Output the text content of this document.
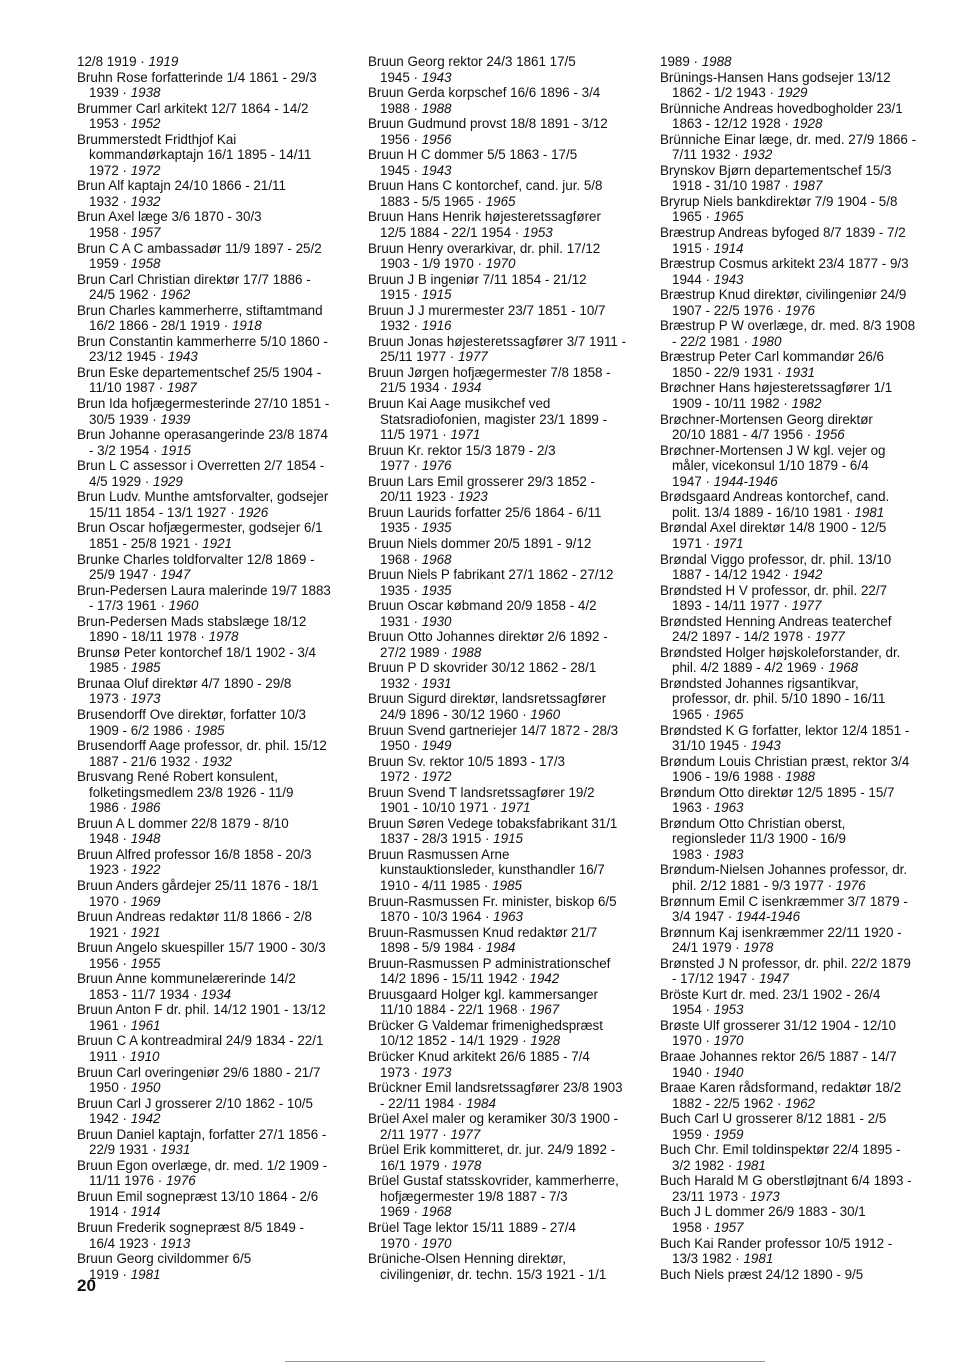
12/8 1919 · 1919
Bruhn Rose forfatterinde 1/4 1861 - 29/3
1939 · 1938
Brummer Carl arkitekt 12/7 1864 - 14/2
1953 · 1952
Brummerstedt Fridthjof Kai
kommandørkaptajn 16/1 1895 - 14/11
1972 · 1972
Brun Alf kaptajn 24/10 1866 - 21/11
1932 · 1932
Brun Axel læge 3/6 1870 - 30/3
1958 · 1957
Brun C A C ambassadør 11/9 1897 - 25/2
1959 · 1958
Brun Carl Christian direktør 17/7 1886 -
24/5 1962 · 1962
Brun Charles kammerherre, stiftamtmand
16/2 1866 - 28/1 1919 · 1918
Brun Constantin kammerherre 5/10 1860 -
23/12 1945 · 1943
Brun Eske departementschef 25/5 1904 -
11/10 1987 · 1987
Brun Ida hofjægermesterinde 27/10 1851 -
30/5 1939 · 1939
Brun Johanne operasangerinde 23/8 1874
- 3/2 1954 · 1915
Brun L C assessor i Overretten 2/7 1854 -
4/5 1929 · 1929
Brun Ludv. Munthe amtsforvalter, godsejer
15/11 1854 - 13/1 1927 · 1926
Brun Oscar hofjægermester, godsejer 6/1
1851 - 25/8 1921 · 1921
Brunke Charles toldforvalter 12/8 1869 -
25/9 1947 · 1947
Brun-Pedersen Laura malerinde 19/7 1883
- 17/3 1961 · 1960
Brun-Pedersen Mads stabslæge 18/12
1890 - 18/11 1978 · 1978
Brunsø Peter kontorchef 18/1 1902 - 3/4
1985 · 1985
Brunaa Oluf direktør 4/7 1890 - 29/8
1973 · 1973
Brusendorff Ove direktør, forfatter 10/3
1909 - 6/2 1986 · 1985
Brusendorff Aage professor, dr. phil. 15/12
1887 - 21/6 1932 · 1932
Brusvang René Robert konsulent,
folketingsmedlem 23/8 1926 - 11/9
1986 · 1986
Bruun A L dommer 22/8 1879 - 8/10
1948 · 1948
Bruun Alfred professor 16/8 1858 - 20/3
1923 · 1922
Bruun Anders gårdejer 25/11 1876 - 18/1
1970 · 1969
Bruun Andreas redaktør 11/8 1866 - 2/8
1921 · 1921
Bruun Angelo skuespiller 15/7 1900 - 30/3
1956 · 1955
Bruun Anne kommunelærerinde 14/2
1853 - 11/7 1934 · 1934
Bruun Anton F dr. phil. 14/12 1901 - 13/12
1961 · 1961
Bruun C A kontreadmiral 24/9 1834 - 22/1
1911 · 1910
Bruun Carl overingeniør 29/6 1880 - 21/7
1950 · 1950
Bruun Carl J grosserer 2/10 1862 - 10/5
1942 · 1942
Bruun Daniel kaptajn, forfatter 27/1 1856 -
22/9 1931 · 1931
Bruun Egon overlæge, dr. med. 1/2 1909 -
11/11 1976 · 1976
Bruun Emil sognepræst 13/10 1864 - 2/6
1914 · 1914
Bruun Frederik sognepræst 8/5 1849 -
16/4 1923 · 1913
Bruun Georg civildommer 6/5
1919 · 1981
Bruun Georg rektor 24/3 1861 17/5
1945 · 1943
Bruun Gerda korpschef 16/6 1896 - 3/4
1988 · 1988
Bruun Gudmund provst 18/8 1891 - 3/12
1956 · 1956
Bruun H C dommer 5/5 1863 - 17/5
1945 · 1943
Bruun Hans C kontorchef, cand. jur. 5/8
1883 - 5/5 1965 · 1965
Bruun Hans Henrik højesteretssagfører
12/5 1884 - 22/1 1954 · 1953
Bruun Henry overarkivar, dr. phil. 17/12
1903 - 1/9 1970 · 1970
Bruun J B ingeniør 7/11 1854 - 21/12
1915 · 1915
Bruun J J murermester 23/7 1851 - 10/7
1932 · 1916
Bruun Jonas højesteretssagfører 3/7 1911 -
25/11 1977 · 1977
Bruun Jørgen hofjægermester 7/8 1858 -
21/5 1934 · 1934
Bruun Kai Aage musikchef ved
Statsradiofonien, magister 23/1 1899 -
11/5 1971 · 1971
Bruun Kr. rektor 15/3 1879 - 2/3
1977 · 1976
Bruun Lars Emil grosserer 29/3 1852 -
20/11 1923 · 1923
Bruun Laurids forfatter 25/6 1864 - 6/11
1935 · 1935
Bruun Niels dommer 20/5 1891 - 9/12
1968 · 1968
Bruun Niels P fabrikant 27/1 1862 - 27/12
1935 · 1935
Bruun Oscar købmand 20/9 1858 - 4/2
1931 · 1930
Bruun Otto Johannes direktør 2/6 1892 -
27/2 1989 · 1988
Bruun P D skovrider 30/12 1862 - 28/1
1932 · 1931
Bruun Sigurd direktør, landsretssagfører
24/9 1896 - 30/12 1960 · 1960
Bruun Svend gartneriejer 14/7 1872 - 28/3
1950 · 1949
Bruun Sv. rektor 10/5 1893 - 17/3
1972 · 1972
Bruun Svend T landsretssagfører 19/2
1901 - 10/10 1971 · 1971
Bruun Søren Vedege tobaksfabrikant 31/1
1837 - 28/3 1915 · 1915
Bruun Rasmussen Arne
kunstauktionsleder, kunsthandler 16/7
1910 - 4/11 1985 · 1985
Bruun-Rasmussen Fr. minister, biskop 6/5
1870 - 10/3 1964 · 1963
Bruun-Rasmussen Knud redaktør 21/7
1898 - 5/9 1984 · 1984
Bruun-Rasmussen P administrationschef
14/2 1896 - 15/11 1942 · 1942
Bruusgaard Holger kgl. kammersanger
11/10 1884 - 22/1 1968 · 1967
Brücker G Valdemar frimenighedspræst
10/12 1852 - 14/1 1929 · 1928
Brücker Knud arkitekt 26/6 1885 - 7/4
1973 · 1973
Brückner Emil landsretssagfører 23/8 1903
- 22/11 1984 · 1984
Brüel Axel maler og keramiker 30/3 1900 -
2/11 1977 · 1977
Brüel Erik kommitteret, dr. jur. 24/9 1892 -
16/1 1979 · 1978
Brüel Gustaf statsskovrider, kammerherre,
hofjægermester 19/8 1887 - 7/3
1969 · 1968
Brüel Tage lektor 15/11 1889 - 27/4
1970 · 1970
Brüniche-Olsen Henning direktør,
civilingeniør, dr. techn. 15/3 1921 - 1/1
1989 · 1988
Brünings-Hansen Hans godsejer 13/12
1862 - 1/2 1943 · 1929
Brünniche Andreas hovedbogholder 23/1
1863 - 12/12 1928 · 1928
Brünniche Einar læge, dr. med. 27/9 1866 -
7/11 1932 · 1932
Brynskov Bjørn departementschef 15/3
1918 - 31/10 1987 · 1987
Bryrup Niels bankdirektør 7/9 1904 - 5/8
1965 · 1965
Bræstrup Andreas byfoged 8/7 1839 - 7/2
1915 · 1914
Bræstrup Cosmus arkitekt 23/4 1877 - 9/3
1944 · 1943
Bræstrup Knud direktør, civilingeniør 24/9
1907 - 22/5 1976 · 1976
Bræstrup P W overlæge, dr. med. 8/3 1908
- 22/2 1981 · 1980
Bræstrup Peter Carl kommandør 26/6
1850 - 22/9 1931 · 1931
Brøchner Hans højesteretssagfører 1/1
1909 - 10/11 1982 · 1982
Brøchner-Mortensen Georg direktør
20/10 1881 - 4/7 1956 · 1956
Brøchner-Mortensen J W kgl. vejer og
måler, vicekonsul 1/10 1879 - 6/4
1947 · 1944-1946
Brødsgaard Andreas kontorchef, cand.
polit. 13/4 1889 - 16/10 1981 · 1981
Brøndal Axel direktør 14/8 1900 - 12/5
1971 · 1971
Brøndal Viggo professor, dr. phil. 13/10
1887 - 14/12 1942 · 1942
Brøndsted H V professor, dr. phil. 22/7
1893 - 14/11 1977 · 1977
Brøndsted Henning Andreas teaterchef
24/2 1897 - 14/2 1978 · 1977
Brøndsted Holger højskoleforstander, dr.
phil. 4/2 1889 - 4/2 1969 · 1968
Brøndsted Johannes rigsantikvar,
professor, dr. phil. 5/10 1890 - 16/11
1965 · 1965
Brøndsted K G forfatter, lektor 12/4 1851 -
31/10 1945 · 1943
Brøndum Louis Christian præst, rektor 3/4
1906 - 19/6 1988 · 1988
Brøndum Otto direktør 12/5 1895 - 15/7
1963 · 1963
Brøndum Otto Christian oberst,
regionsleder 11/3 1900 - 16/9
1983 · 1983
Brøndum-Nielsen Johannes professor, dr.
phil. 2/12 1881 - 9/3 1977 · 1976
Brønnum Emil C isenkræmmer 3/7 1879 -
3/4 1947 · 1944-1946
Brønnum Kaj isenkræmmer 22/11 1920 -
24/1 1979 · 1978
Brønsted J N professor, dr. phil. 22/2 1879
- 17/12 1947 · 1947
Bröste Kurt dr. med. 23/1 1902 - 26/4
1954 · 1953
Brøste Ulf grosserer 31/12 1904 - 12/10
1970 · 1970
Braae Johannes rektor 26/5 1887 - 14/7
1940 · 1940
Braae Karen rådsformand, redaktør 18/2
1882 - 22/5 1962 · 1962
Buch Carl U grosserer 8/12 1881 - 2/5
1959 · 1959
Buch Chr. Emil toldinspektør 22/4 1895 -
3/2 1982 · 1981
Buch Harald M G oberstløjtnant 6/4 1893 -
23/11 1973 · 1973
Buch J L dommer 26/9 1883 - 30/1
1958 · 1957
Buch Kai Rander professor 10/5 1912 -
13/3 1982 · 1981
Buch Niels præst 24/12 1890 - 9/5
20
